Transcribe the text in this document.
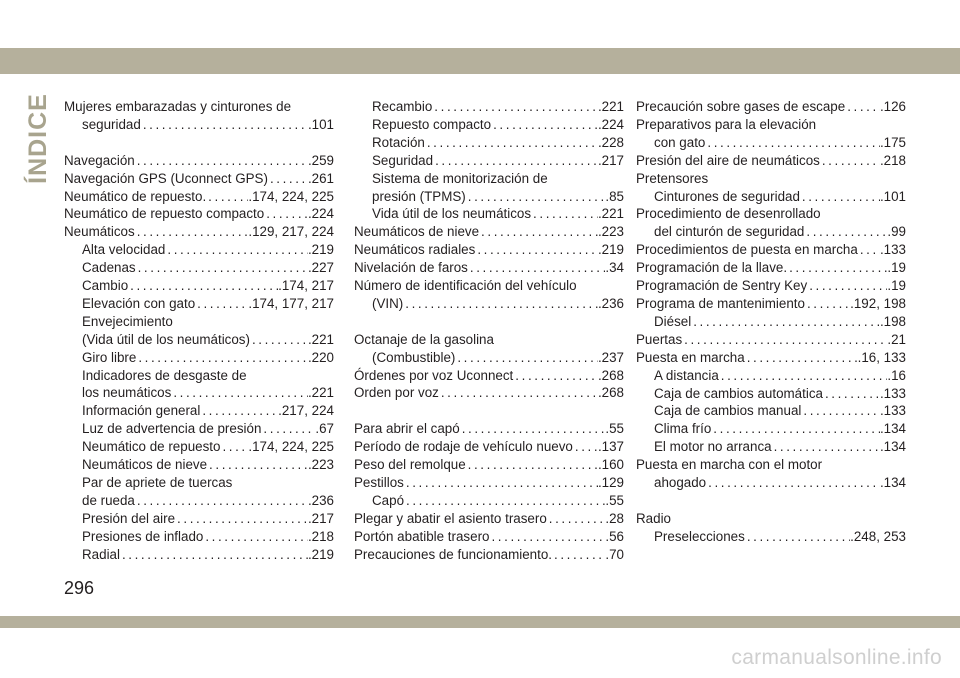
ÍNDICE Mujeres embarazadas y cinturones de
seguridad .....	.101
Navegación .....	.259
Navegación GPS (Uconnect GPS) .....	.261
Neumático de repuesto. .....	.174, 224, 225
Neumático de repuesto compacto .....	.224
Neumáticos .....	.129, 217, 224
Alta velocidad .....	.219
Cadenas .....	.227
Cambio .....	.174, 217
Elevación con gato .....	.174, 177, 217
Envejecimiento
(Vida útil de los neumáticos) .....	.221
Giro libre .....	.220
Indicadores de desgaste de
los neumáticos .....	.221
Información general .....	.217, 224
Luz de advertencia de presión .....	.67
Neumático de repuesto ..... .174, 224, 225
Neumáticos de nieve .....	.223
Par de apriete de tuercas
de rueda .....	.236
Presión del aire .....	.217
Presiones de inflado .....	.218
Radial .....	.219
Recambio .....	.221
Repuesto compacto .....	.224
Rotación .....	.228
Seguridad .....	.217
Sistema de monitorización de
presión (TPMS) .....	.85
Vida útil de los neumáticos .....	.221
Neumáticos de nieve .....	.223
Neumáticos radiales .....	.219
Nivelación de faros .....	.34
Número de identificación del vehículo
(VIN) .....	.236
Octanaje de la gasolina
(Combustible) .....	.237
Órdenes por voz Uconnect .....	.268
Orden por voz .....	.268
Para abrir el capó .....	.55
Período de rodaje de vehículo nuevo ..... .137
Peso del remolque .....	.160
Pestillos .....	.129
Capó .....	.55
Plegar y abatir el asiento trasero .....	.28
Portón abatible trasero .....	.56
Precauciones de funcionamiento. .....	.70
Precaución sobre gases de escape .....	.126
Preparativos para la elevación
con gato .....	.175
Presión del aire de neumáticos .....	.218
Pretensores
Cinturones de seguridad .....	.101
Procedimiento de desenrollado
del cinturón de seguridad .....	.99
Procedimientos de puesta en marcha ..... .133
Programación de la llave. .....	.19
Programación de Sentry Key .....	.19
Programa de mantenimiento .....	.192, 198
Diésel .....	.198
Puertas .....	.21
Puesta en marcha .....	.16, 133
A distancia .....	.16
Caja de cambios automática .....	.133
Caja de cambios manual .....	.133
Clima frío .....	.134
El motor no arranca .....	.134
Puesta en marcha con el motor
ahogado .....	.134
Radio
Preselecciones .....	.248, 253
296
carmanualsonline.info
